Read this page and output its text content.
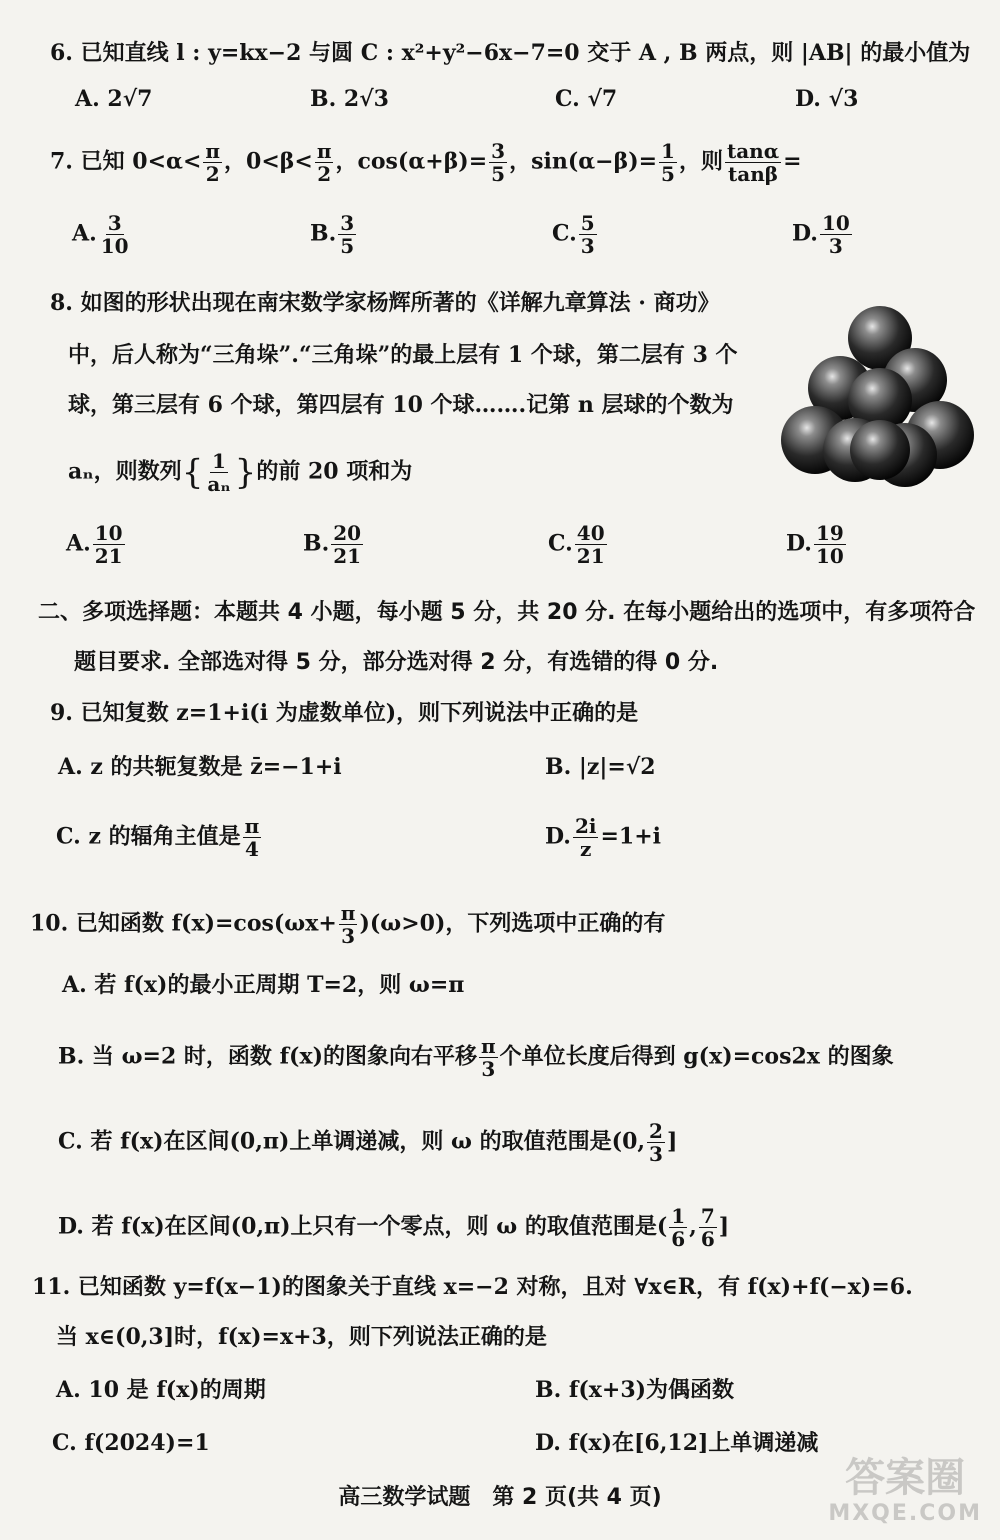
6. 已知直线 l : y=kx−2 与圆 C : x²+y²−6x−7=0 交于 A , B 两点，则 |AB| 的最小值为
A. 2√7	B. 2√3	C. √7	D. √3
7. 已知 $0<\alpha< \frac{\pi}{2}$ ，$0<\beta< \frac{\pi}{2}$ ，$\cos(\alpha+\beta)= \frac{3}{5}$ ，$\sin(\alpha-\beta)= \frac{1}{5}$ ，则 $\frac{\tan\alpha}{\tan\beta}$ =
A. $\frac{3}{10}$	B. $\frac{3}{5}$	C. $\frac{5}{3}$	D. $\frac{10}{3}$
8. 如图的形状出现在南宋数学家杨辉所著的《详解九章算法 · 商功》
中，后人称为“三角垛”.“三角垛”的最上层有 1 个球，第二层有 3 个
球，第三层有 6 个球，第四层有 10 个球…….记第 n 层球的个数为
aₙ，则数列{ $\frac{1}{\text{aₙ}}$ }的前 20 项和为
A. $\frac{10}{21}$	B. $\frac{20}{21}$	C. $\frac{40}{21}$	D. $\frac{19}{10}$
二、多项选择题：本题共 4 小题，每小题 5 分，共 20 分. 在每小题给出的选项中，有多项符合
题目要求. 全部选对得 5 分，部分选对得 2 分，有选错的得 0 分.
9. 已知复数 z=1+i(i 为虚数单位)，则下列说法中正确的是
A. z 的共轭复数是 z̄=−1+i	B. |z|=√2
C. z 的辐角主值是 $\frac{\pi}{4}$	D. $\frac{2i}{z} =1+i$
10. 已知函数 $f(x)=\cos(\omega x+ \frac{\pi}{3} )(\omega>0)$，下列选项中正确的有
A. 若 f(x)的最小正周期 T=2，则 ω=π
B. 当 ω=2 时，函数 f(x)的图象向右平移 $\frac{\pi}{3}$ 个单位长度后得到 g(x)=cos2x 的图象
C. 若 f(x)在区间(0,π)上单调递减，则 ω 的取值范围是(0, $\frac{2}{3}$ ]
D. 若 f(x)在区间(0,π)上只有一个零点，则 ω 的取值范围是( $\frac{1}{6}$ , $\frac{7}{6}$ ]
11. 已知函数 y=f(x−1)的图象关于直线 x=−2 对称，且对 ∀x∈R，有 f(x)+f(−x)=6.
当 x∈(0,3]时，f(x)=x+3，则下列说法正确的是
A. 10 是 f(x)的周期	B. f(x+3)为偶函数
C. f(2024)=1	D. f(x)在[6,12]上单调递减
高三数学试题　第 2 页(共 4 页)	答案圈
MXQE.COM
